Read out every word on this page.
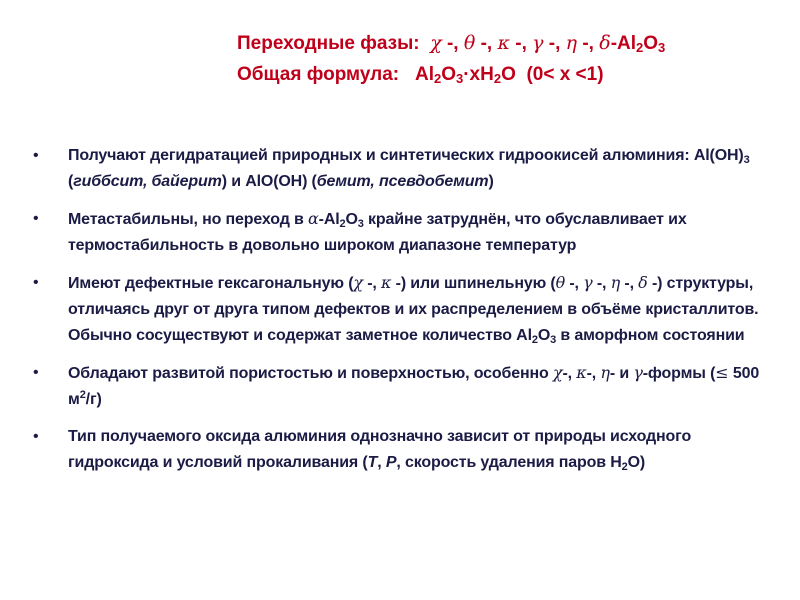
Переходные фазы: χ -, θ -, κ -, γ -, η -, $\delta-Al_2O_3$
Общая формула: $Al_2O_3\cdot xH_2O$ (0< x <1)
• Получают дегидратацией природных и синтетических гидроокисей алюминия: $Al(OH)_3$ (гиббсит, байерит) и AlO(OH) (бемит, псевдобемит)
• Метастабильны, но переход в $\alpha-Al_2O_3$ крайне затруднён, что обуславливает их термостабильность в довольно широком диапазоне температур
• Имеют дефектные гексагональную (χ -, κ -) или шпинельную (θ -, γ -, η -, δ -) структуры, отличаясь друг от друга типом дефектов и их распределением в объёме кристаллитов. Обычно сосуществуют и содержат заметное количество $Al_2O_3$ в аморфном состоянии
• Обладают развитой пористостью и поверхностью, особенно χ-, κ-, η- и γ-формы (≤ 500 $м^2/г$)
• Тип получаемого оксида алюминия однозначно зависит от природы исходного гидроксида и условий прокаливания (T, P, скорость удаления паров $H_2O$)
